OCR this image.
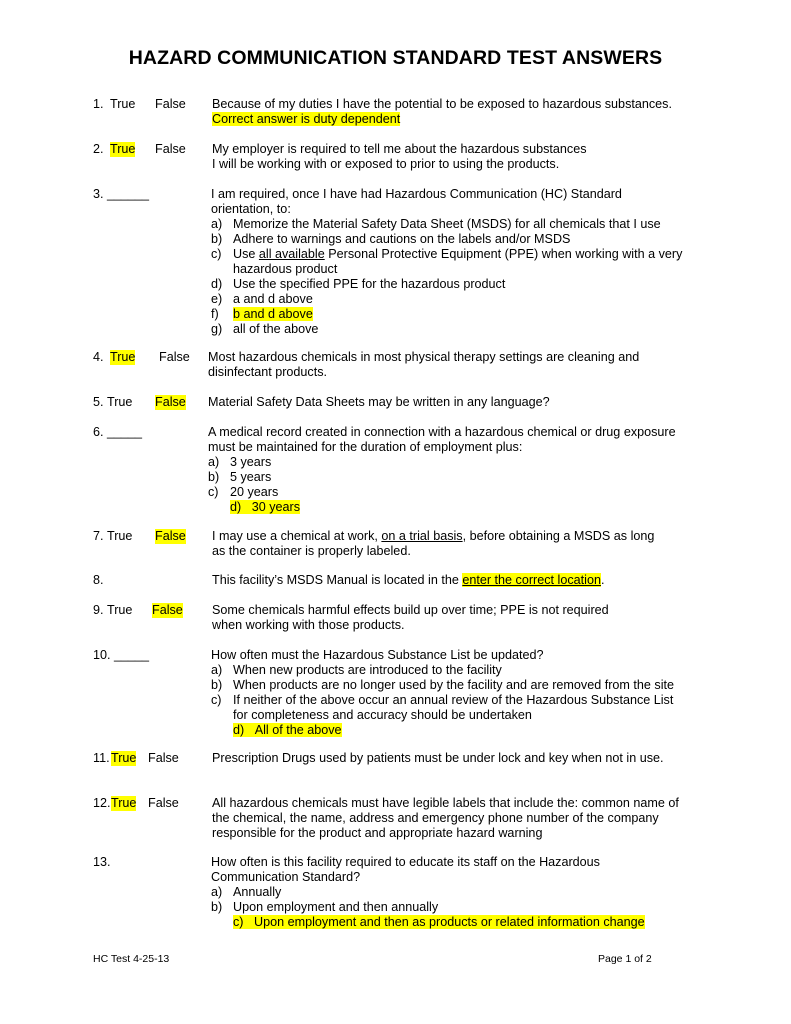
HAZARD COMMUNICATION STANDARD TEST ANSWERS
1. True False Because of my duties I have the potential to be exposed to hazardous substances.
Correct answer is duty dependent
2. True False My employer is required to tell me about the hazardous substances
I will be working with or exposed to prior to using the products.
3. ______	I am required, once I have had Hazardous Communication (HC) Standard
orientation, to:
a) Memorize the Material Safety Data Sheet (MSDS) for all chemicals that I use
b) Adhere to warnings and cautions on the labels and/or MSDS
c) Use all available Personal Protective Equipment (PPE) when working with a very
hazardous product
d) Use the specified PPE for the hazardous product
e) a and d above
f) b and d above
g) all of the above
4. True False Most hazardous chemicals in most physical therapy settings are cleaning and
disinfectant products.
5. True False Material Safety Data Sheets may be written in any language?
6. _____	A medical record created in connection with a hazardous chemical or drug exposure
must be maintained for the duration of employment plus:
a) 3 years
b) 5 years
c) 20 years
d) 30 years
7. True False I may use a chemical at work, on a trial basis, before obtaining a MSDS as long
as the container is properly labeled.
8.	This facility’s MSDS Manual is located in the enter the correct location.
9. True False Some chemicals harmful effects build up over time; PPE is not required
when working with those products.
10. _____	How often must the Hazardous Substance List be updated?
a) When new products are introduced to the facility
b) When products are no longer used by the facility and are removed from the site
c) If neither of the above occur an annual review of the Hazardous Substance List
for completeness and accuracy should be undertaken
d) All of the above
11. True False	Prescription Drugs used by patients must be under lock and key when not in use.
12. True False	All hazardous chemicals must have legible labels that include the: common name of
the chemical, the name, address and emergency phone number of the company
responsible for the product and appropriate hazard warning
13.	How often is this facility required to educate its staff on the Hazardous
Communication Standard?
a) Annually
b) Upon employment and then annually
c) Upon employment and then as products or related information change
HC Test 4-25-13	Page 1 of 2
